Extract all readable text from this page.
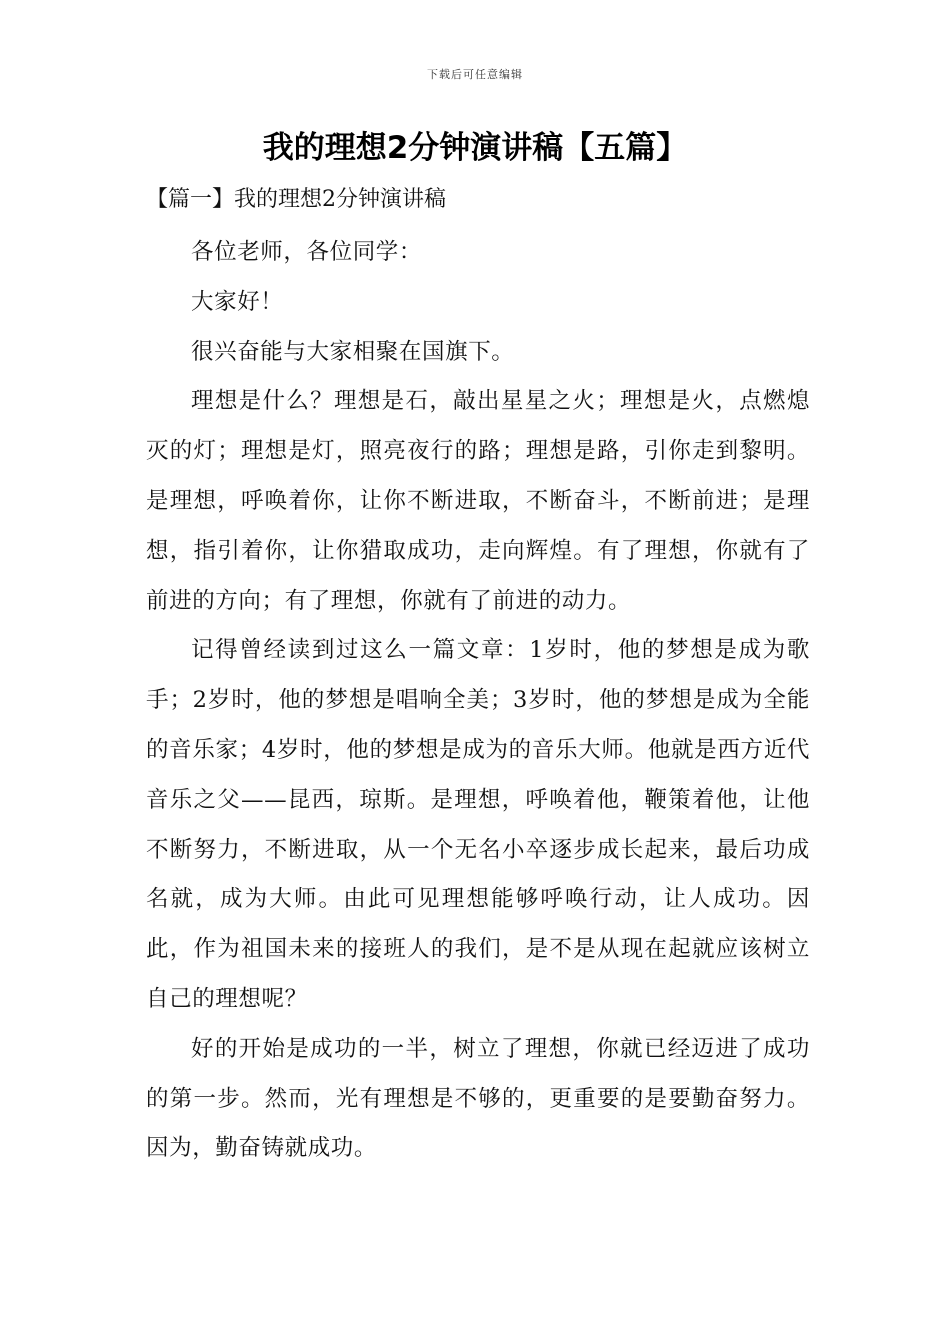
下载后可任意编辑
我的理想2分钟演讲稿【五篇】
【篇一】我的理想2分钟演讲稿

各位老师，各位同学：

大家好！

很兴奋能与大家相聚在国旗下。

理想是什么？理想是石，敲出星星之火；理想是火，点燃熄灭的灯；理想是灯，照亮夜行的路；理想是路，引你走到黎明。是理想，呼唤着你，让你不断进取，不断奋斗，不断前进；是理想，指引着你，让你猎取成功，走向辉煌。有了理想，你就有了前进的方向；有了理想，你就有了前进的动力。

记得曾经读到过这么一篇文章：1岁时，他的梦想是成为歌手；2岁时，他的梦想是唱响全美；3岁时，他的梦想是成为全能的音乐家；4岁时，他的梦想是成为的音乐大师。他就是西方近代音乐之父——昆西，琼斯。是理想，呼唤着他，鞭策着他，让他不断努力，不断进取，从一个无名小卒逐步成长起来，最后功成名就，成为大师。由此可见理想能够呼唤行动，让人成功。因此，作为祖国未来的接班人的我们，是不是从现在起就应该树立自己的理想呢？

好的开始是成功的一半，树立了理想，你就已经迈进了成功的第一步。然而，光有理想是不够的，更重要的是要勤奋努力。因为，勤奋铸就成功。
